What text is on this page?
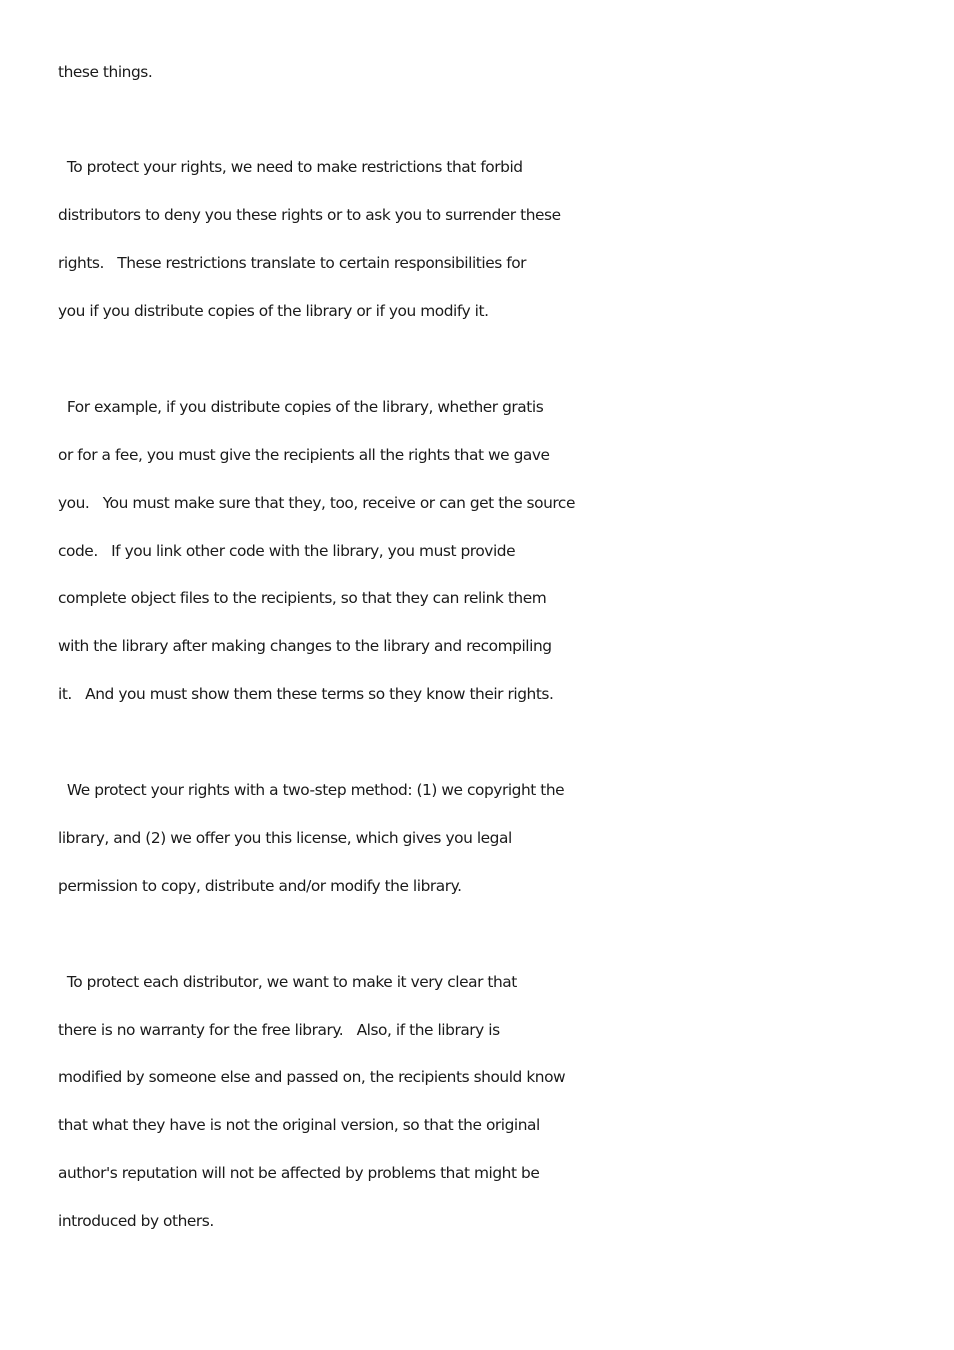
these things.
To protect your rights, we need to make restrictions that forbid
distributors to deny you these rights or to ask you to surrender these
rights.   These restrictions translate to certain responsibilities for
you if you distribute copies of the library or if you modify it.
For example, if you distribute copies of the library, whether gratis
or for a fee, you must give the recipients all the rights that we gave
you.   You must make sure that they, too, receive or can get the source
code.   If you link other code with the library, you must provide
complete object files to the recipients, so that they can relink them
with the library after making changes to the library and recompiling
it.   And you must show them these terms so they know their rights.
We protect your rights with a two-step method: (1) we copyright the
library, and (2) we offer you this license, which gives you legal
permission to copy, distribute and/or modify the library.
To protect each distributor, we want to make it very clear that
there is no warranty for the free library.   Also, if the library is
modified by someone else and passed on, the recipients should know
that what they have is not the original version, so that the original
author's reputation will not be affected by problems that might be
introduced by others.
